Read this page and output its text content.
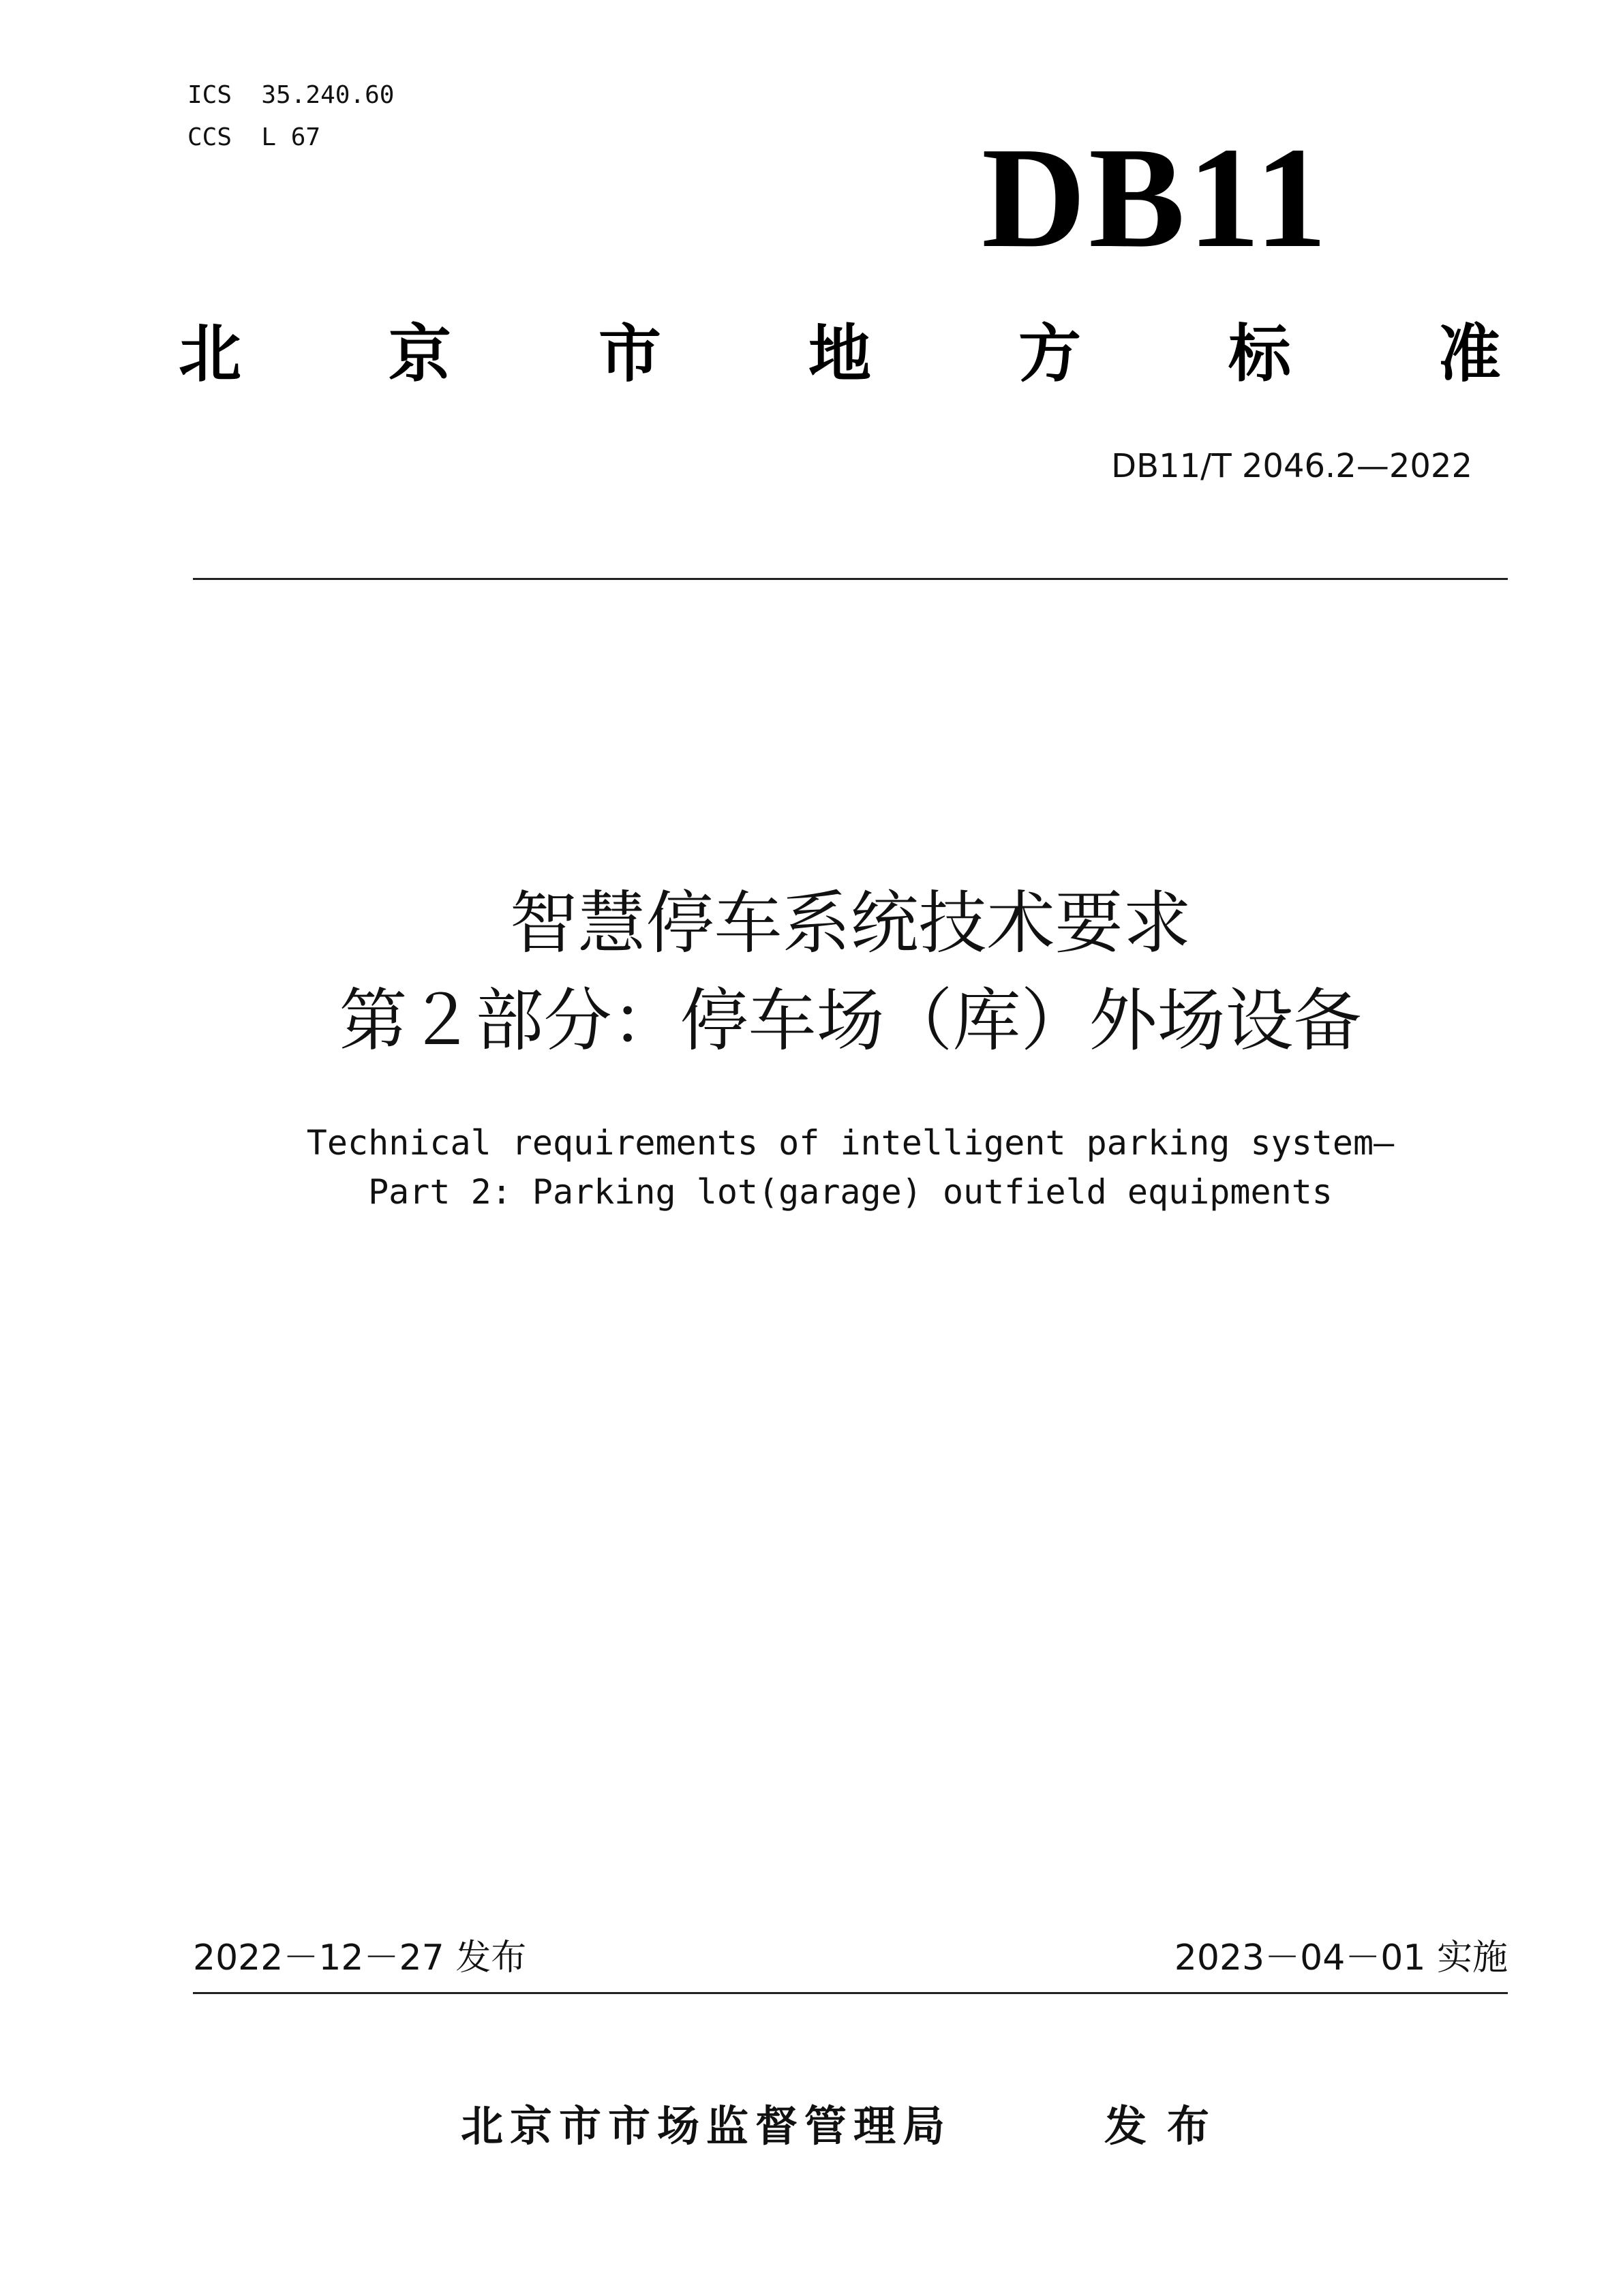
ICS  35.240.60
CCS  L 67	DB11
北 京 市 地 方 标 准
DB11/T 2046.2—2022
智慧停车系统技术要求
第２部分：停车场（库）外场设备
Technical requirements of intelligent parking system—
Part 2: Parking lot(garage) outfield equipments
2022－12－27 发布	2023－04－01 实施
北京市市场监督管理局	发布
